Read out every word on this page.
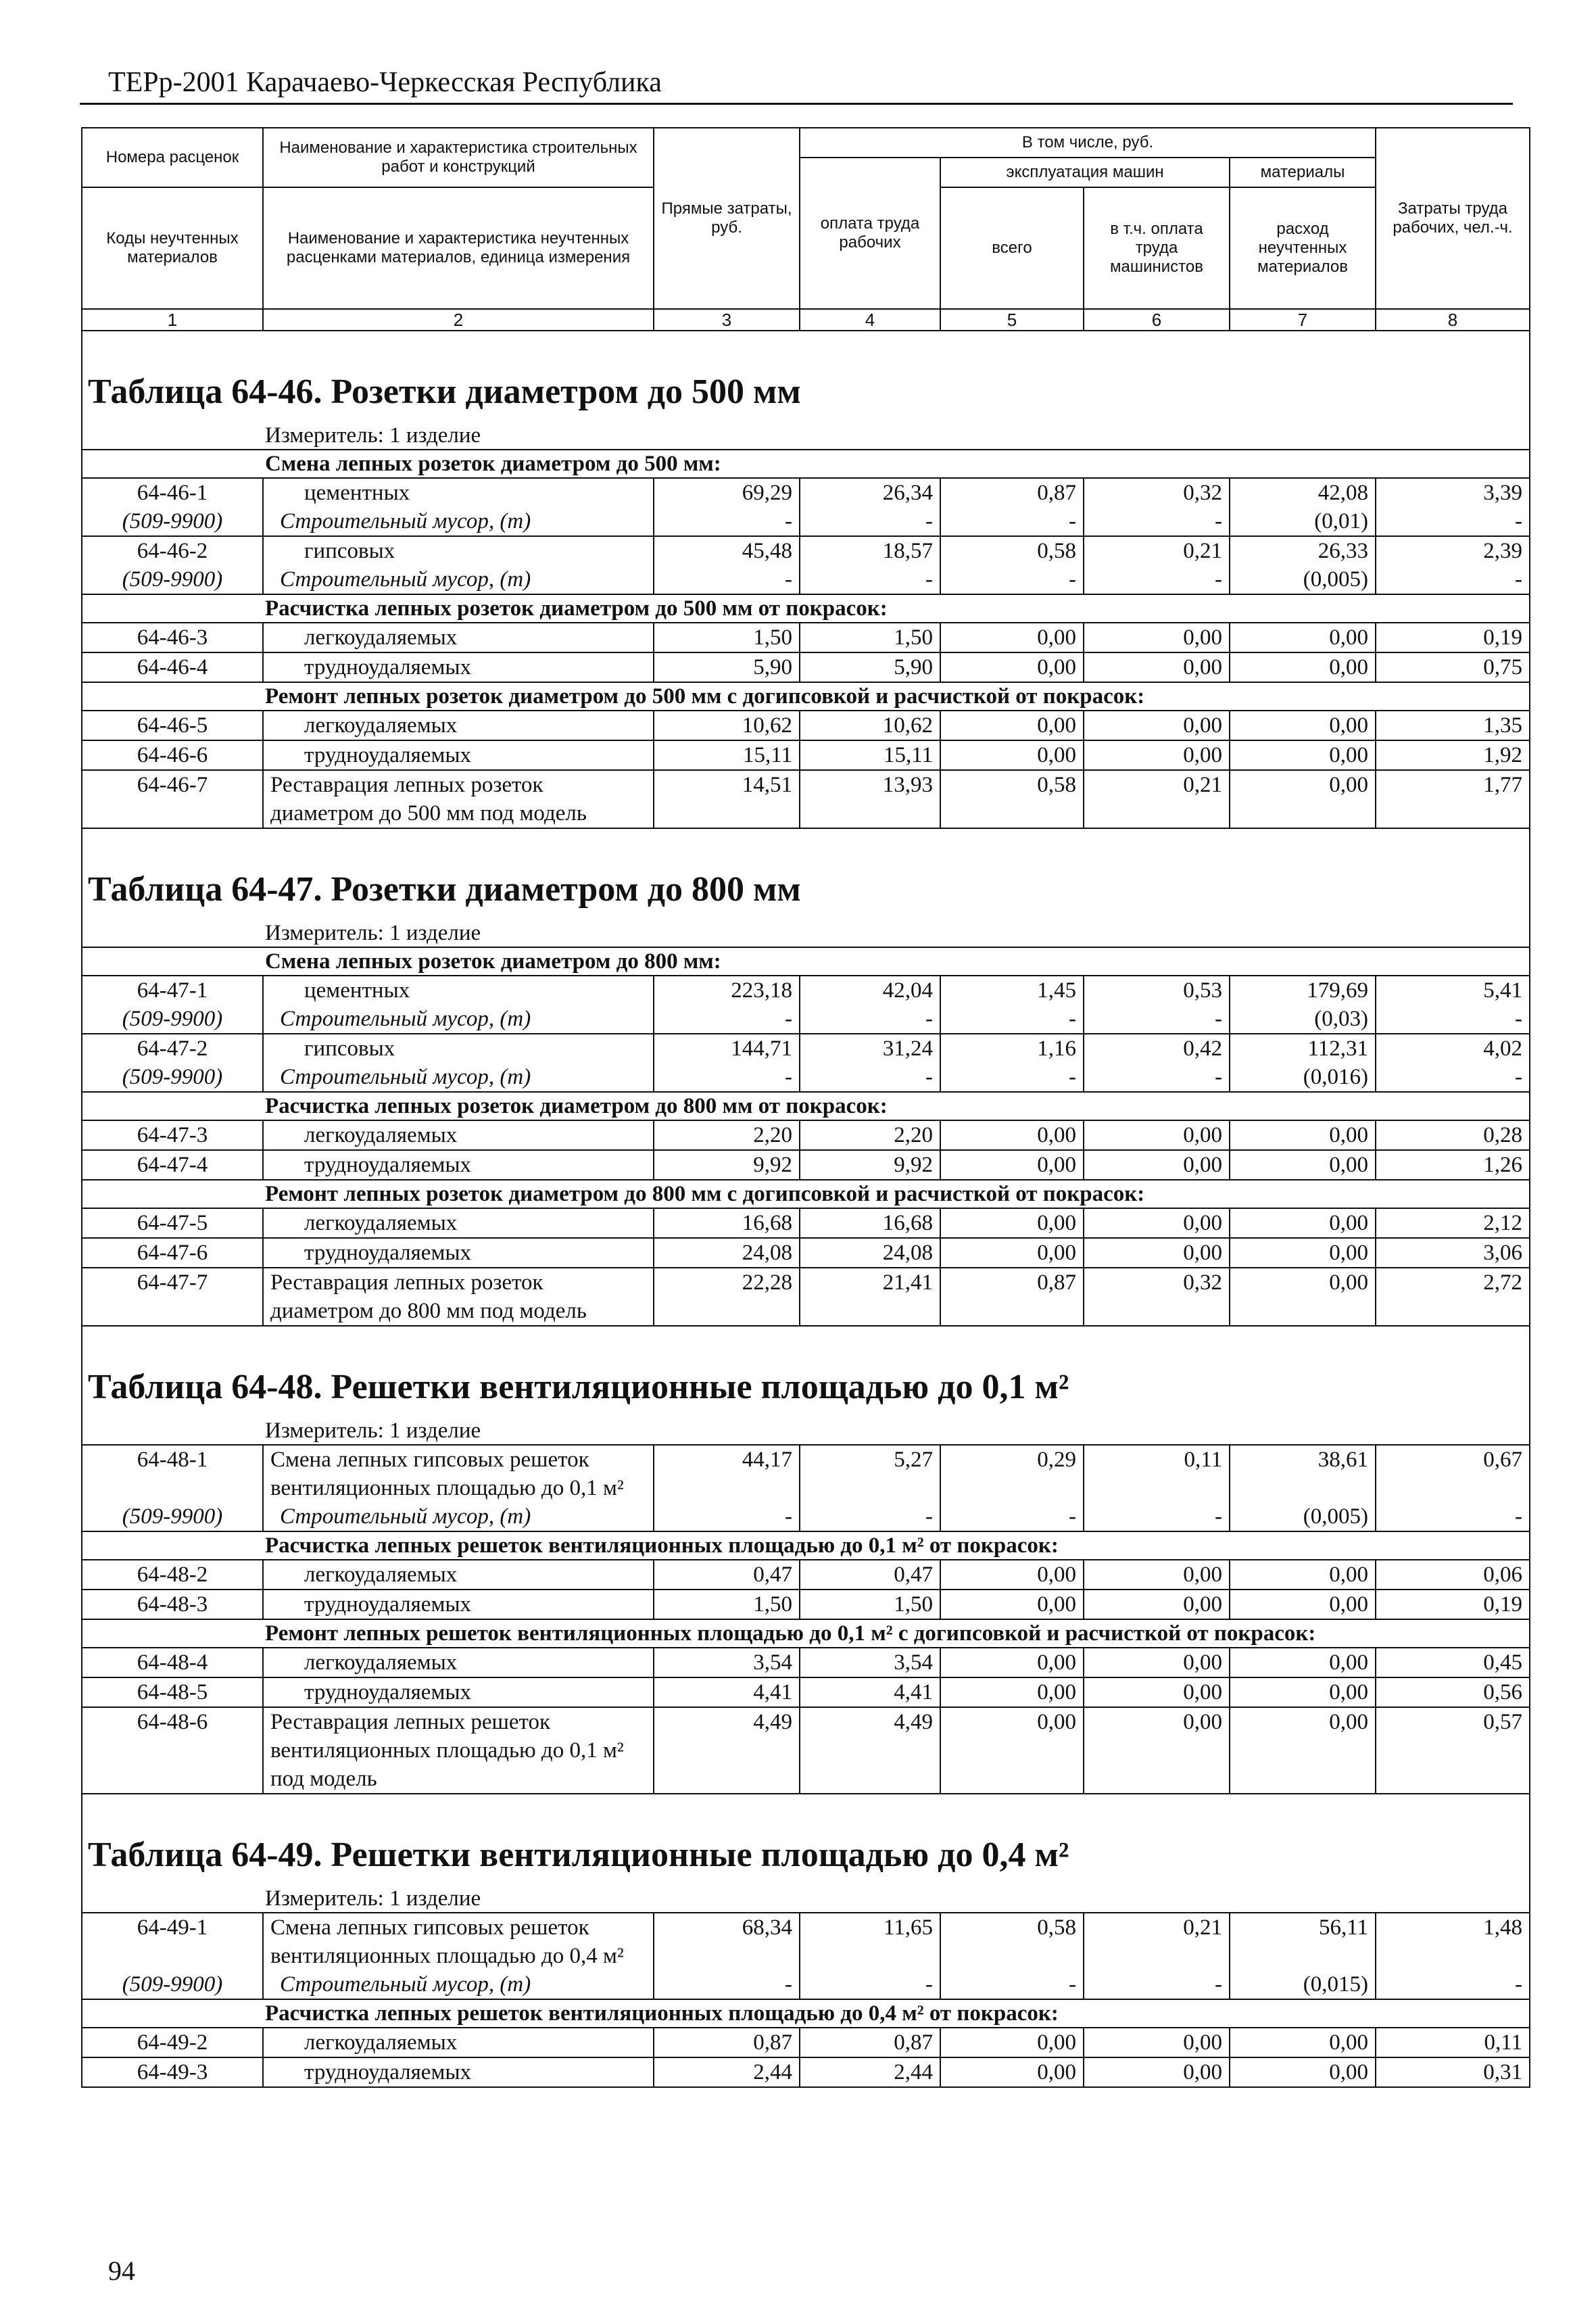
ТЕРр-2001 Карачаево-Черкесская Республика
Номера расценок	Наименование и характеристика строительных работ и конструкций	Прямые затраты, руб.	В том числе, руб.				Затраты труда рабочих, чел.-ч.
			оплата труда рабочих	эксплуатация машин		материалы	
Коды неучтенных материалов	Наименование и характеристика неучтенных расценками материалов, единица измерения			всего	в т.ч. оплата труда машинистов	расход неучтенных материалов	
1	2	3	4	5	6	7	8
Таблица 64-46. Розетки диаметром до 500 мм							

Измеритель: 1 изделие							

Смена лепных розеток диаметром до 500 мм:							

64-46-1	цементных	69,29	26,34	0,87	0,32	42,08	3,39
(509-9900)	Строительный мусор, (т)	-	-	-	-	(0,01)	-
64-46-2	гипсовых	45,48	18,57	0,58	0,21	26,33	2,39
(509-9900)	Строительный мусор, (т)	-	-	-	-	(0,005)	-

Расчистка лепных розеток диаметром до 500 мм от покрасок:							

64-46-3	легкоудаляемых	1,50	1,50	0,00	0,00	0,00	0,19
64-46-4	трудноудаляемых	5,90	5,90	0,00	0,00	0,00	0,75

Ремонт лепных розеток диаметром до 500 мм с догипсовкой и расчисткой от покрасок:							

64-46-5	легкоудаляемых	10,62	10,62	0,00	0,00	0,00	1,35
64-46-6	трудноудаляемых	15,11	15,11	0,00	0,00	0,00	1,92
64-46-7	Реставрация лепных розеток диаметром до 500 мм под модель	14,51	13,93	0,58	0,21	0,00	1,77
Таблица 64-47. Розетки диаметром до 800 мм							

Измеритель: 1 изделие							

Смена лепных розеток диаметром до 800 мм:							

64-47-1	цементных	223,18	42,04	1,45	0,53	179,69	5,41
(509-9900)	Строительный мусор, (т)	-	-	-	-	(0,03)	-
64-47-2	гипсовых	144,71	31,24	1,16	0,42	112,31	4,02
(509-9900)	Строительный мусор, (т)	-	-	-	-	(0,016)	-

Расчистка лепных розеток диаметром до 800 мм от покрасок:							

64-47-3	легкоудаляемых	2,20	2,20	0,00	0,00	0,00	0,28
64-47-4	трудноудаляемых	9,92	9,92	0,00	0,00	0,00	1,26

Ремонт лепных розеток диаметром до 800 мм с догипсовкой и расчисткой от покрасок:							

64-47-5	легкоудаляемых	16,68	16,68	0,00	0,00	0,00	2,12
64-47-6	трудноудаляемых	24,08	24,08	0,00	0,00	0,00	3,06
64-47-7	Реставрация лепных розеток диаметром до 800 мм под модель	22,28	21,41	0,87	0,32	0,00	2,72
Таблица 64-48. Решетки вентиляционные площадью до 0,1 м²							

Измеритель: 1 изделие							

64-48-1	Смена лепных гипсовых решеток вентиляционных площадью до 0,1 м²	44,17	5,27	0,29	0,11	38,61	0,67
(509-9900)	Строительный мусор, (т)	-	-	-	-	(0,005)	-

Расчистка лепных решеток вентиляционных площадью до 0,1 м² от покрасок:							

64-48-2	легкоудаляемых	0,47	0,47	0,00	0,00	0,00	0,06
64-48-3	трудноудаляемых	1,50	1,50	0,00	0,00	0,00	0,19

Ремонт лепных решеток вентиляционных площадью до 0,1 м² с догипсовкой и расчисткой от покрасок:							

64-48-4	легкоудаляемых	3,54	3,54	0,00	0,00	0,00	0,45
64-48-5	трудноудаляемых	4,41	4,41	0,00	0,00	0,00	0,56
64-48-6	Реставрация лепных решеток вентиляционных площадью до 0,1 м² под модель	4,49	4,49	0,00	0,00	0,00	0,57
Таблица 64-49. Решетки вентиляционные площадью до 0,4 м²							

Измеритель: 1 изделие							

64-49-1	Смена лепных гипсовых решеток вентиляционных площадью до 0,4 м²	68,34	11,65	0,58	0,21	56,11	1,48
(509-9900)	Строительный мусор, (т)	-	-	-	-	(0,015)	-

Расчистка лепных решеток вентиляционных площадью до 0,4 м² от покрасок:							

64-49-2	легкоудаляемых	0,87	0,87	0,00	0,00	0,00	0,11
64-49-3	трудноудаляемых	2,44	2,44	0,00	0,00	0,00	0,31
94
